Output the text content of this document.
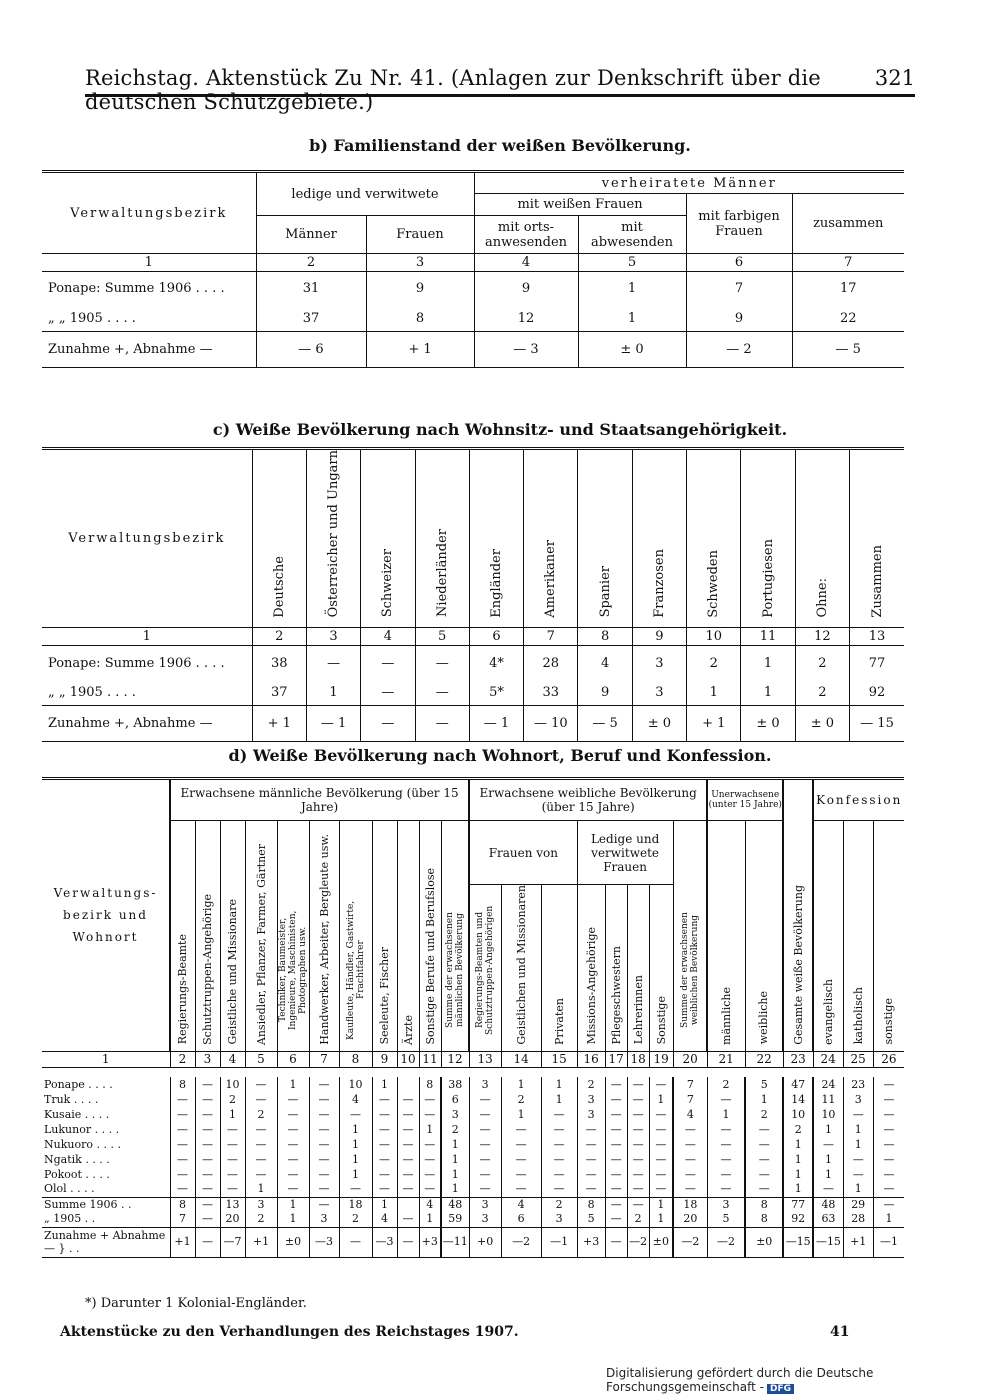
Reichstag. Aktenstück Zu Nr. 41. (Anlagen zur Denkschrift über die deutschen Schutzgebiete.)
321
b) Familienstand der weißen Bevölkerung.
Verwaltungsbezirk	ledige und verwitwete		verheiratete Männer			
			mit weißen Frauen		mit farbigen Frauen	zusammen
	Männer	Frauen	mit orts- anwesenden	mit abwesenden		
1	2	3	4	5	6	7
Ponape: Summe 1906 . . . .	31	9	9	1	7	17
„ „ 1905 . . . .	37	8	12	1	9	22
Zunahme +, Abnahme —	— 6	+ 1	— 3	± 0	— 2	— 5
c) Weiße Bevölkerung nach Wohnsitz- und Staatsangehörigkeit.
Verwaltungsbezirk	Deutsche	Österreicher und Ungarn	Schweizer	Niederländer	Engländer	Amerikaner	Spanier	Franzosen	Schweden	Portugiesen	Ohne:	Zusammen
1	2	3	4	5	6	7	8	9	10	11	12	13
Ponape: Summe 1906 . . . .	38	—	—	—	4*	28	4	3	2	1	2	77
„ „ 1905 . . . .	37	1	—	—	5*	33	9	3	1	1	2	92
Zunahme +, Abnahme —	+ 1	— 1	—	—	— 1	— 10	— 5	± 0	+ 1	± 0	± 0	— 15
d) Weiße Bevölkerung nach Wohnort, Beruf und Konfession.
Verwaltungs- bezirk und Wohnort	Erwachsene männliche Bevölkerung (über 15 Jahre)											Erwachsene weibliche Bevölkerung (über 15 Jahre)								Unerwachsene (unter 15 Jahre)			Konfession		
	Regierungs-Beamte	Schutztruppen-Angehörige	Geistliche und Missionare	Ansiedler, Pflanzer, Farmer, Gärtner	Techniker, Baumeister, Ingenieure, Maschinisten, Photographen usw.	Handwerker, Arbeiter, Bergleute usw.	Kaufleute, Händler, Gastwirte, Frachtfahrer	Seeleute, Fischer	Ärzte	Sonstige Berufe und Berufslose	Summe der erwachsenen männlichen Bevölkerung	Frauen von			Ledige und verwitwete Frauen				Summe der erwachsenen weiblichen Bevölkerung	männliche	weibliche		evangelisch	katholisch	sonstige
												Regierungs-Beamten und Schutztruppen-Angehörigen	Geistlichen und Missionaren	Privaten	Missions-Angehörige	Pflegeschwestern	Lehrerinnen	Sonstige				Gesamte weiße Bevölkerung			
1	2	3	4	5	6	7	8	9	10	11	12	13	14	15	16	17	18	19	20	21	22	23	24	25	26

Ponape . . . .	8	—	10	—	1	—	10	1		8	38	3	1	1	2	—	—	—	7	2	5	47	24	23	—
Truk . . . .	—	—	2	—	—	—	4	—	—	—	6	—	2	1	3	—	—	1	7	—	1	14	11	3	—
Kusaie . . . .	—	—	1	2	—	—	—	—	—	—	3	—	1	—	3	—	—	—	4	1	2	10	10	—	—
Lukunor . . . .	—	—	—	—	—	—	1	—	—	1	2	—	—	—	—	—	—	—	—	—	—	2	1	1	—
Nukuoro . . . .	—	—	—	—	—	—	1	—	—	—	1	—	—	—	—	—	—	—	—	—	—	1	—	1	—
Ngatik . . . .	—	—	—	—	—	—	1	—	—	—	1	—	—	—	—	—	—	—	—	—	—	1	1	—	—
Pokoot . . . .	—	—	—	—	—	—	1	—	—	—	1	—	—	—	—	—	—	—	—	—	—	1	1	—	—
Olol . . . .	—	—	—	1	—	—	—	—	—	—	1	—	—	—	—	—	—	—	—	—	—	1	—	1	—
Summe 1906 . .	8	—	13	3	1	—	18	1		4	48	3	4	2	8	—	—	1	18	3	8	77	48	29	—
„ 1905 . .	7	—	20	2	1	3	2	4	—	1	59	3	6	3	5	—	2	1	20	5	8	92	63	28	1
Zunahme + Abnahme — } . .	+1	—	—7	+1	±0	—3	—	—3	—	+3	—11	+0	—2	—1	+3	—	—2	±0	—2	—2	±0	—15	—15	+1	—1
*) Darunter 1 Kolonial-Engländer.
Aktenstücke zu den Verhandlungen des Reichstages 1907.	41
Digitalisierung gefördert durch die Deutsche Forschungsgemeinschaft - DFG
